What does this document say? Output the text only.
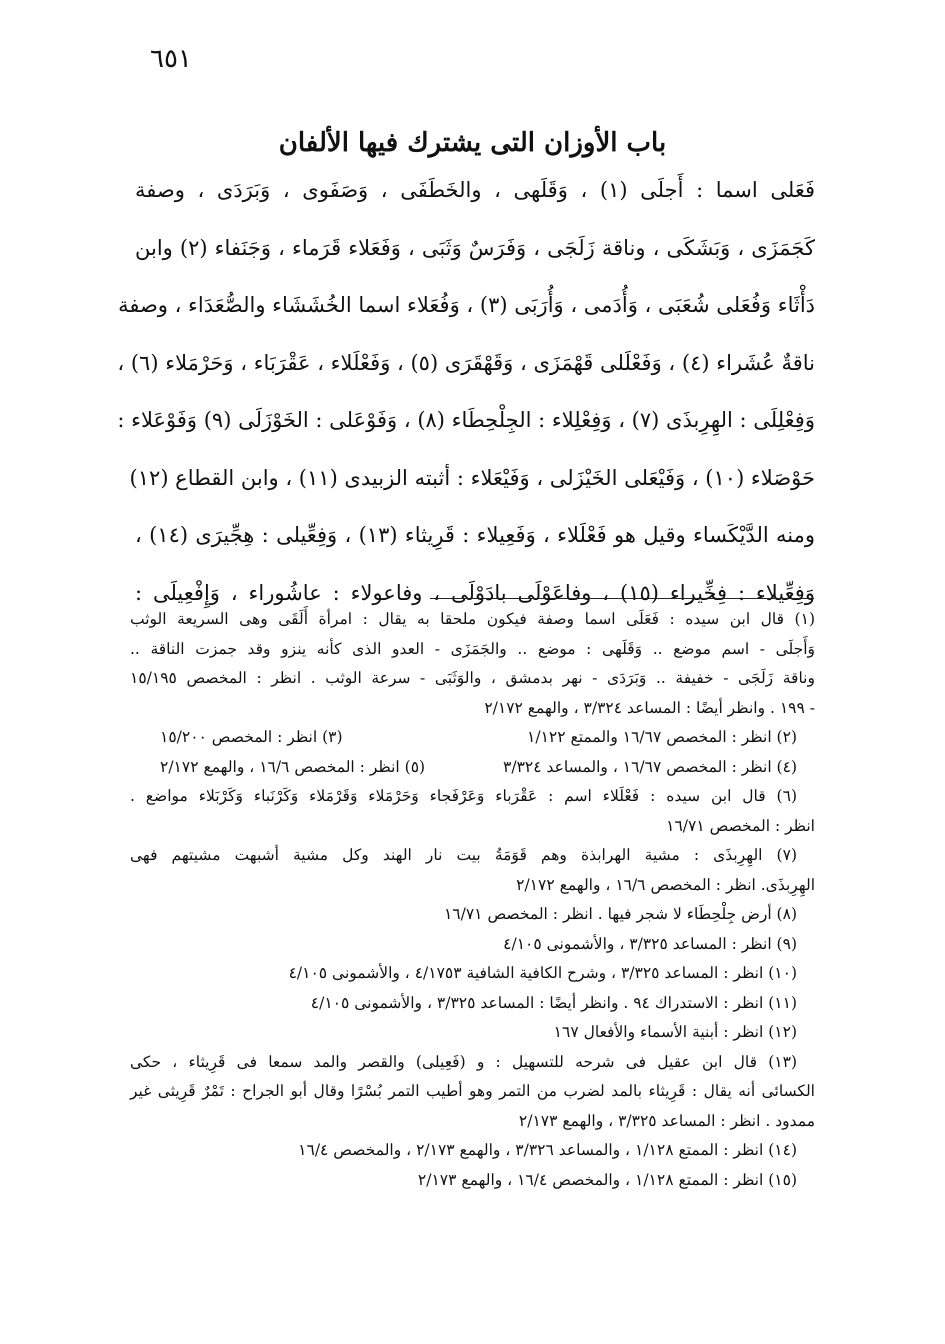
٦٥١
باب الأوزان التى يشترك فيها الألفان
فَعَلى اسما : أَجلَى (١) ، وَقَلَهى ، والخَطَفَى ، وَصَفَوى ، وَبَرَدَى ، وصفة
كَجَمَزَى ، وَبَشَكَى ، وناقة زَلَجَى ، وَفَرَسٌ وَثَبَى ، وَفَعَلاء قَرَماء ، وَجَنَفاء (٢) وابن
دَأْثَاء وَفُعَلى شُعَبَى ، وَأُدَمى ، وَأُرَبَى (٣) ، وَفُعَلاء اسما الخُشَشَاء والصُّعَدَاء ، وصفة
ناقةٌ عُشَراء (٤) ، وَفَعْلَلى قَهْمَزَى ، وَقَهْقَرَى (٥) ، وَفَعْلَلاء ، عَقْرَبَاء ، وَحَرْمَلاء (٦) ،
وَفِعْلِلَى : الهِرِبذَى (٧) ، وَفِعْلِلاء : الجِلْحِطَاء (٨) ، وَفَوْعَلى : الخَوْزَلَى (٩) وَفَوْعَلاء :
حَوْصَلاء (١٠) ، وَفَيْعَلى الخَيْزَلى ، وَفَيْعَلاء : أثبته الزبيدى (١١) ، وابن القطاع (١٢)
ومنه الدَّيْكَساء وقيل هو فَعْلَلاء ، وَفَعِيلاء : قَرِيثاء (١٣) ، وَفِعِّيلى : هِجِّيرَى (١٤) ،
وَفِعِّيلاء : فِخِّيراء (١٥) ، وفاعَوْلَى بادَوْلَى ، وفاعولاء : عاشُوراء ، وَإِفْعِيلَى :
(١) قال ابن سيده : فَعَلَى اسما وصفة فيكون ملحقا به يقال : امرأة أَلَقَى وهى السريعة الوثب
وَأَجلَى - اسم موضع .. وَقَلَهى : موضع .. والجَمَزَى - العدو الذى كأنه ينزو وقد جمزت الناقة ..
وناقة زَلَجَى - خفيفة .. وَبَرَدَى - نهر بدمشق ، والوَثَبَى - سرعة الوثب . انظر : المخصص ١٥/١٩٥
- ١٩٩ . وانظر أيضًا : المساعد ٣/٣٢٤ ، والهمع ٢/١٧٢
(٢) انظر : المخصص ١٦/٦٧ والممتع ١/١٢٢
(٣) انظر : المخصص ١٥/٢٠٠
(٤) انظر : المخصص ١٦/٦٧ ، والمساعد ٣/٣٢٤
(٥) انظر : المخصص ١٦/٦ ، والهمع ٢/١٧٢
(٦) قال ابن سيده : فَعْلَلاء اسم : عَقْرَباء وَعَرْفَجاء وَحَرْمَلاء وَقَرْمَلاء وَكَرْنَباء وَكَرْبَلاء مواضع .
انظر : المخصص ١٦/٧١
(٧) الهِرِبذَى : مشية الهرابذة وهم قَوَمَةُ بيت نار الهند وكل مشية أشبهت مشيتهم فهى
الهِرِبذَى. انظر : المخصص ١٦/٦ ، والهمع ٢/١٧٢
(٨) أرض جِلْحِطَاء لا شجر فيها . انظر : المخصص ١٦/٧١
(٩) انظر : المساعد ٣/٣٢٥ ، والأشمونى ٤/١٠٥
(١٠) انظر : المساعد ٣/٣٢٥ ، وشرح الكافية الشافية ٤/١٧٥٣ ، والأشمونى ٤/١٠٥
(١١) انظر : الاستدراك ٩٤ . وانظر أيضًا : المساعد ٣/٣٢٥ ، والأشمونى ٤/١٠٥
(١٢) انظر : أبنية الأسماء والأفعال ١٦٧
(١٣) قال ابن عقيل فى شرحه للتسهيل : و (فَعِيلى) والقصر والمد سمعا فى قَرِيثاء ، حكى
الكسائى أنه يقال : قَرِيثاء بالمد لضرب من التمر وهو أطيب التمر بُسْرًا وقال أبو الجراح : تَمْرٌ قَرِيثى غير
ممدود . انظر : المساعد ٣/٣٢٥ ، والهمع ٢/١٧٣
(١٤) انظر : الممتع ١/١٢٨ ، والمساعد ٣/٣٢٦ ، والهمع ٢/١٧٣ ، والمخصص ١٦/٤
(١٥) انظر : الممتع ١/١٢٨ ، والمخصص ١٦/٤ ، والهمع ٢/١٧٣
